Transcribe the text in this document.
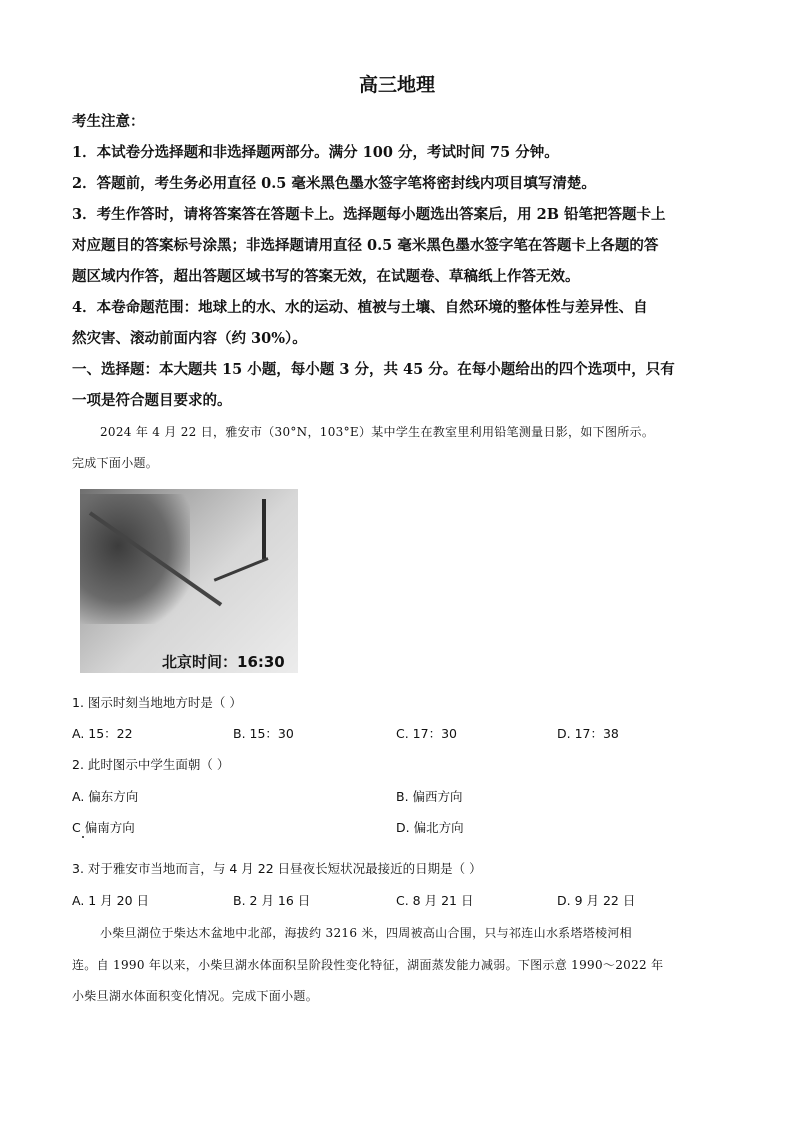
高三地理
考生注意：
1．本试卷分选择题和非选择题两部分。满分 100 分，考试时间 75 分钟。
2．答题前，考生务必用直径 0.5 毫米黑色墨水签字笔将密封线内项目填写清楚。
3．考生作答时，请将答案答在答题卡上。选择题每小题选出答案后，用 2B 铅笔把答题卡上
对应题目的答案标号涂黑；非选择题请用直径 0.5 毫米黑色墨水签字笔在答题卡上各题的答
题区域内作答，超出答题区域书写的答案无效，在试题卷、草稿纸上作答无效。
4．本卷命题范围：地球上的水、水的运动、植被与土壤、自然环境的整体性与差异性、自
然灾害、滚动前面内容（约 30%）。
一、选择题：本大题共 15 小题，每小题 3 分，共 45 分。在每小题给出的四个选项中，只有
一项是符合题目要求的。
2024 年 4 月 22 日，雅安市（30°N，103°E）某中学生在教室里利用铅笔测量日影，如下图所示。
完成下面小题。
北京时间：16:30
1. 图示时刻当地地方时是（ ）
A. 15：22	B. 15：30	C. 17：30	D. 17：38
2. 此时图示中学生面朝（ ）
A. 偏东方向	B. 偏西方向
C 偏南方向	D. 偏北方向
3. 对于雅安市当地而言，与 4 月 22 日昼夜长短状况最接近的日期是（ ）
A. 1 月 20 日	B. 2 月 16 日	C. 8 月 21 日	D. 9 月 22 日
小柴旦湖位于柴达木盆地中北部，海拔约 3216 米，四周被高山合围，只与祁连山水系塔塔棱河相
连。自 1990 年以来，小柴旦湖水体面积呈阶段性变化特征，湖面蒸发能力减弱。下图示意 1990～2022 年
小柴旦湖水体面积变化情况。完成下面小题。
